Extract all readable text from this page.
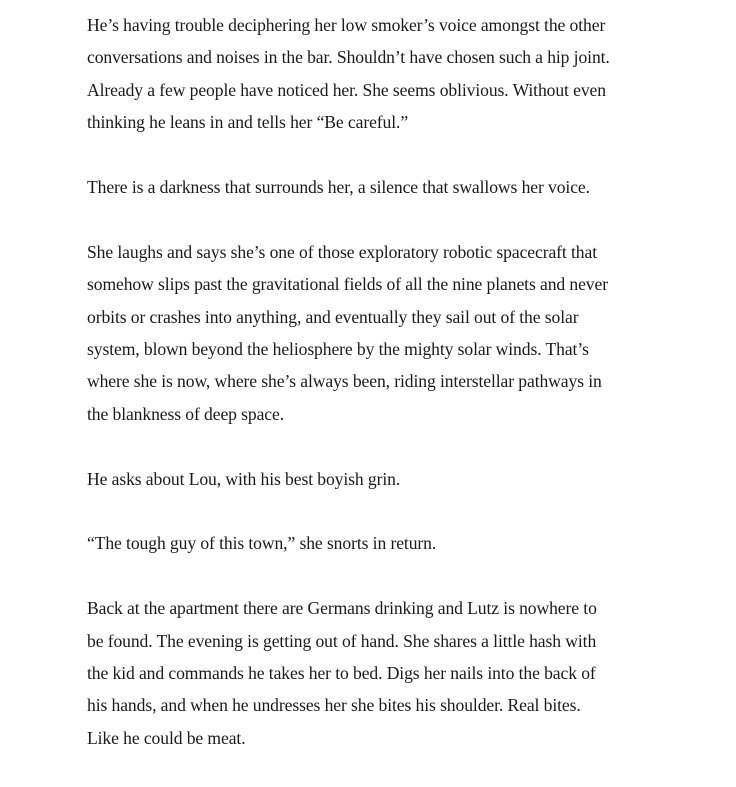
He’s having trouble deciphering her low smoker’s voice amongst the other
conversations and noises in the bar. Shouldn’t have chosen such a hip joint.
Already a few people have noticed her. She seems oblivious. Without even
thinking he leans in and tells her “Be careful.”

There is a darkness that surrounds her, a silence that swallows her voice.

She laughs and says she’s one of those exploratory robotic spacecraft that
somehow slips past the gravitational fields of all the nine planets and never
orbits or crashes into anything, and eventually they sail out of the solar
system, blown beyond the heliosphere by the mighty solar winds. That’s
where she is now, where she’s always been, riding interstellar pathways in
the blankness of deep space.

He asks about Lou, with his best boyish grin.

“The tough guy of this town,” she snorts in return.

Back at the apartment there are Germans drinking and Lutz is nowhere to
be found. The evening is getting out of hand. She shares a little hash with
the kid and commands he takes her to bed. Digs her nails into the back of
his hands, and when he undresses her she bites his shoulder. Real bites.
Like he could be meat.
